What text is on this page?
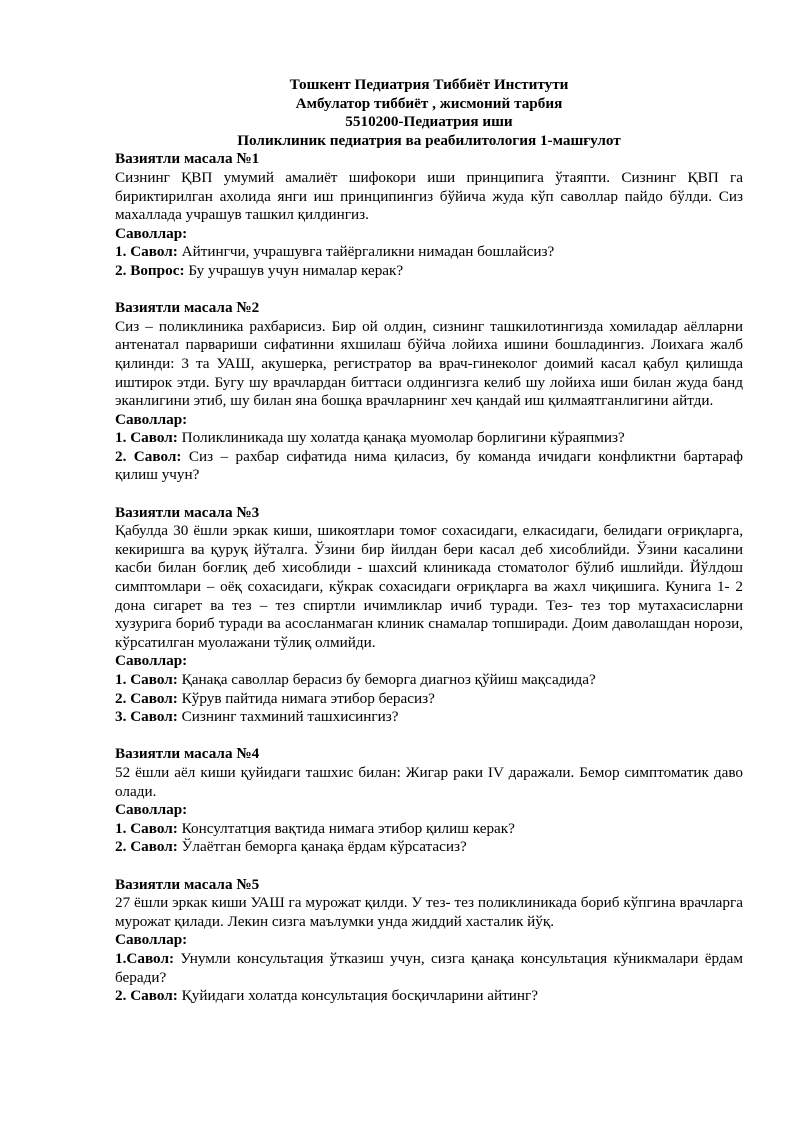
Тошкент Педиатрия Тиббиёт Институти
Амбулатор тиббиёт , жисмоний тарбия
5510200-Педиатрия иши
Поликлиник педиатрия ва реабилитология 1-машғулот
Вазиятли масала №1
Сизнинг ҚВП умумий амалиёт шифокори иши принципига ўтаяпти. Сизнинг ҚВП га бириктирилган ахолида янги иш принципингиз бўйича жуда кўп саволлар пайдо бўлди. Сиз махаллада учрашув ташкил қилдингиз.
Саволлар:
1. Савол: Айтингчи, учрашувга тайёргаликни нимадан бошлайсиз?
2. Вопрос: Бу учрашув учун нималар керак?
Вазиятли масала №2
Сиз – поликлиника рахбарисиз. Бир ой олдин, сизнинг ташкилотингизда хомиладар аёлларни антенатал парвариши сифатинни яхшилаш бўйча лойиха ишини бошладингиз. Лоихага жалб қилинди: 3 та УАШ, акушерка, регистратор ва врач-гинеколог доимий касал қабул қилишда иштирок этди. Бугу шу врачлардан биттаси олдингизга келиб шу лойиха иши билан жуда банд эканлигини этиб, шу билан яна бошқа врачларнинг хеч қандай иш қилмаятганлигини айтди.
Саволлар:
1. Савол: Поликлиникада шу холатда қанақа муомолар борлигини кўраяпмиз?
2. Савол: Сиз – рахбар сифатида нима қиласиз, бу команда ичидаги конфликтни бартараф қилиш учун?
Вазиятли масала №3
Қабулда 30 ёшли эркак киши, шикоятлари томоғ сохасидаги, елкасидаги, белидаги оғриқларга, кекиришга ва қуруқ йўталга. Ўзини бир йилдан бери касал деб хисоблийди. Ўзини касалини касби билан боғлиқ деб хисоблиди - шахсий клиникада стоматолог бўлиб ишлийди. Йўлдош симптомлари – оёқ сохасидаги, кўкрак сохасидаги оғриқларга ва жахл чиқишига. Кунига 1- 2 дона сигарет ва тез – тез спиртли ичимликлар ичиб туради. Тез- тез тор мутахасисларни хузурига бориб туради ва асосланмаган клиник снамалар топширади. Доим даволашдан норози, кўрсатилган муолажани тўлиқ олмийди.
Саволлар:
1. Савол: Қанақа саволлар берасиз бу беморга диагноз қўйиш мақсадида?
2. Савол: Кўрув пайтида нимага этибор берасиз?
3. Савол: Сизнинг тахминий ташхисингиз?
Вазиятли масала №4
52 ёшли аёл киши қуйидаги ташхис билан: Жигар раки IV даражали. Бемор симптоматик даво олади.
Саволлар:
1. Савол: Консултатция вақтида нимага этибор қилиш керак?
2. Савол: Ўлаётган беморга қанақа ёрдам кўрсатасиз?
Вазиятли масала №5
27 ёшли эркак киши УАШ га мурожат қилди. У тез- тез поликлиникада бориб кўпгина врачларга мурожат қилади. Лекин сизга маълумки унда жиддий хасталик йўқ.
Саволлар:
1.Савол: Унумли консультация ўтказиш учун, сизга қанақа консультация кўникмалари ёрдам беради?
2. Савол: Қуйидаги холатда консультация босқичларини айтинг?
